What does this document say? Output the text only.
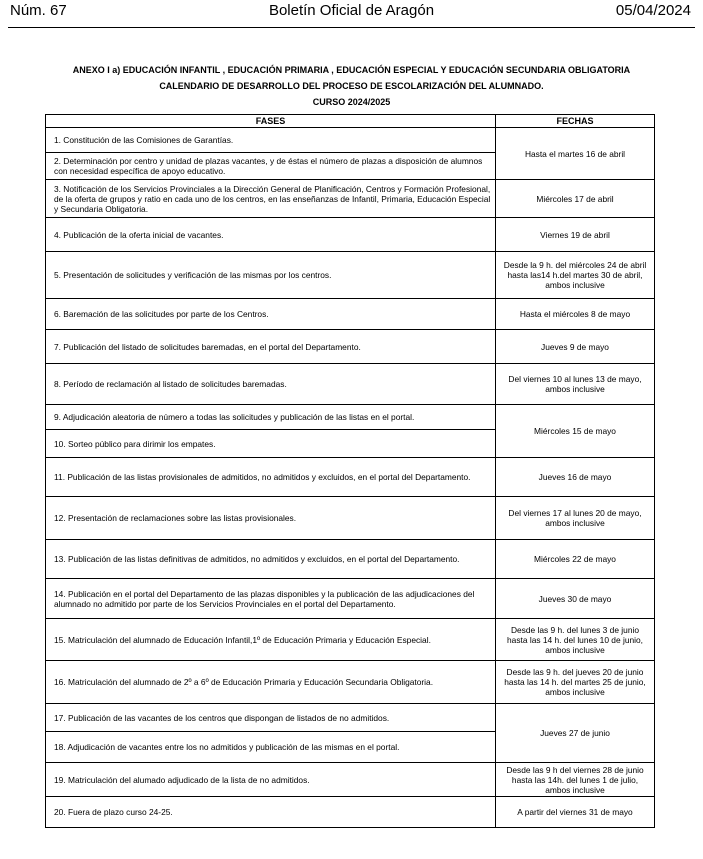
Núm. 67	Boletín Oficial de Aragón	05/04/2024
ANEXO I a) EDUCACIÓN INFANTIL , EDUCACIÓN PRIMARIA , EDUCACIÓN ESPECIAL Y EDUCACIÓN SECUNDARIA OBLIGATORIA
CALENDARIO DE DESARROLLO DEL PROCESO DE ESCOLARIZACIÓN DEL ALUMNADO.
CURSO 2024/2025
FASES	FECHAS
1. Constitución de las Comisiones de Garantías.	Hasta el martes 16 de abril
2. Determinación por centro y unidad de plazas vacantes, y de éstas el número de plazas a disposición de alumnos con necesidad específica de apoyo educativo.	
3. Notificación de los Servicios Provinciales a la Dirección General de Planificación, Centros y Formación Profesional, de la oferta de grupos y ratio en cada uno de los centros, en las enseñanzas de Infantil, Primaria, Educación Especial y Secundaria Obligatoria.	Miércoles 17 de abril
4. Publicación de la oferta inicial de vacantes.	Viernes 19 de abril
5. Presentación de solicitudes y verificación de las mismas por los centros.	Desde la 9 h. del miércoles 24 de abril hasta las14 h.del martes 30 de abril, ambos inclusive
6. Baremación de las solicitudes por parte de los Centros.	Hasta el miércoles 8 de mayo
7. Publicación del listado de solicitudes baremadas, en el portal del Departamento.	Jueves 9 de mayo
8. Período de reclamación al listado de solicitudes baremadas.	Del viernes 10 al lunes 13 de mayo, ambos inclusive
9. Adjudicación aleatoria de número a todas las solicitudes y publicación de las listas en el portal.	Miércoles 15 de mayo
10. Sorteo público para dirimir los empates.	
11. Publicación de las listas provisionales de admitidos, no admitidos y excluidos, en el portal del Departamento.	Jueves 16 de mayo
12. Presentación de reclamaciones sobre las listas provisionales.	Del viernes 17 al lunes 20 de mayo, ambos inclusive
13. Publicación de las listas definitivas de admitidos, no admitidos y excluidos, en el portal del Departamento.	Miércoles 22 de mayo
14. Publicación en el portal del Departamento de las plazas disponibles y la publicación de las adjudicaciones del alumnado no admitido por parte de los Servicios Provinciales en el portal del Departamento.	Jueves 30 de mayo
15. Matriculación del alumnado de Educación Infantil,1º de Educación Primaria y Educación Especial.	Desde las 9 h. del lunes 3 de junio hasta las 14 h. del lunes 10 de junio, ambos inclusive
16. Matriculación del alumnado de 2º a 6º de Educación Primaria y Educación Secundaria Obligatoria.	Desde las 9 h. del jueves 20 de junio hasta las 14 h. del martes 25 de junio, ambos inclusive
17. Publicación de las vacantes de los centros que dispongan de listados de no admitidos.	Jueves 27 de junio
18. Adjudicación de vacantes entre los no admitidos y publicación de las mismas en el portal.	
19. Matriculación del alumado adjudicado de la lista de no admitidos.	Desde las 9 h del viernes 28 de junio hasta las 14h. del lunes 1 de julio, ambos inclusive
20. Fuera de plazo curso 24-25.	A partir del viernes 31 de mayo
